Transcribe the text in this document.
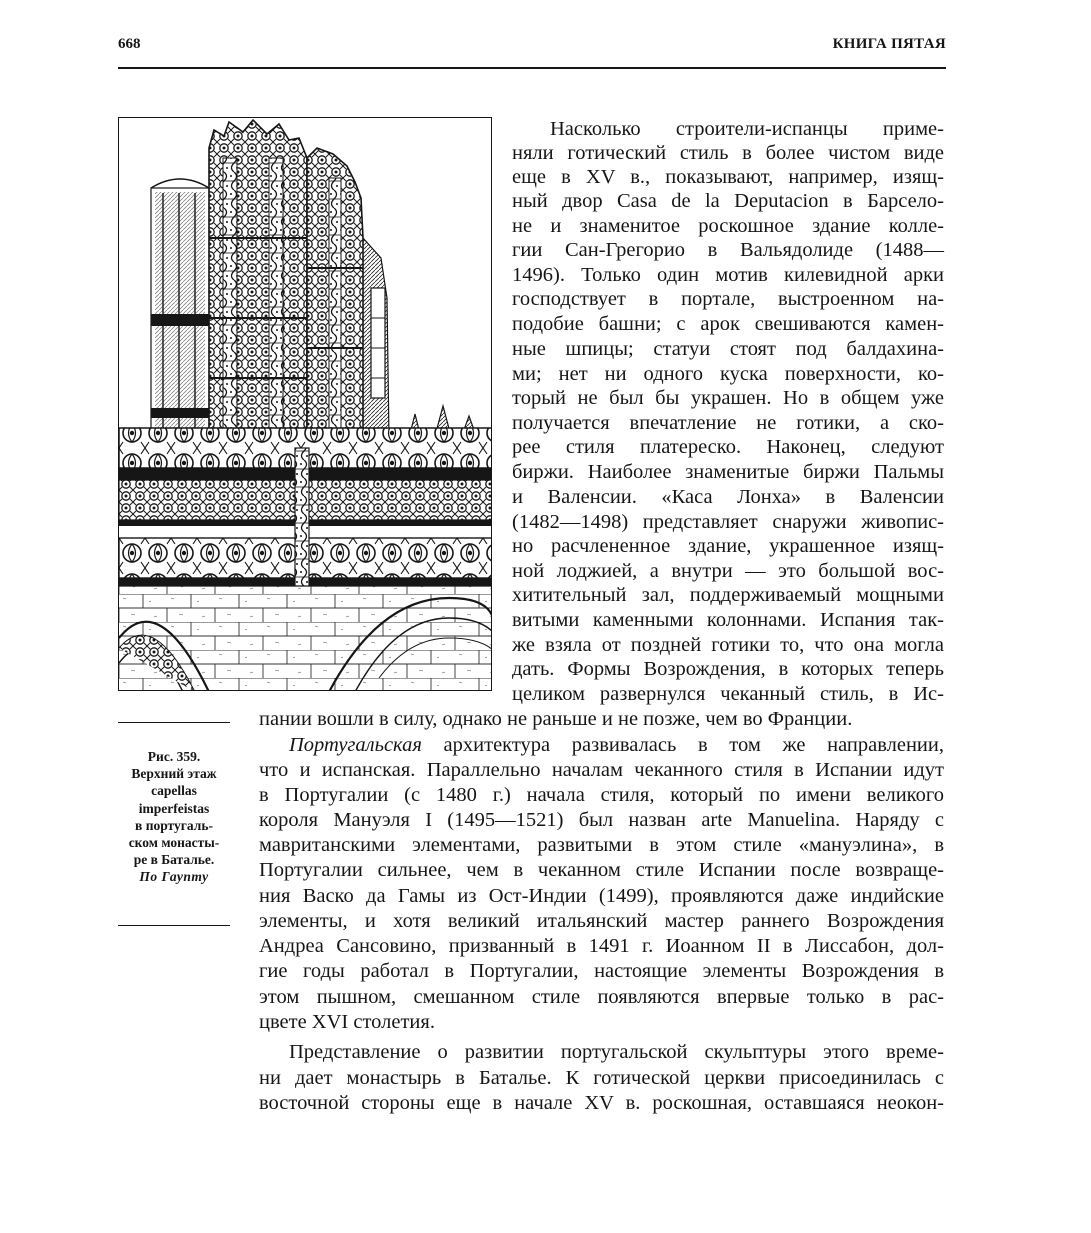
668	КНИГА ПЯТАЯ
Рис. 359.
Верхний этаж
capellas
imperfeistas
в португаль-
ском монасты-
ре в Баталье.
По Гаупту
Насколько строители-испанцы приме-
няли готический стиль в более чистом виде
еще в XV в., показывают, например, изящ-
ный двор Casa de la Deputacion в Барсело-
не и знаменитое роскошное здание колле-
гии Сан-Грегорио в Вальядолиде (1488—
1496). Только один мотив килевидной арки
господствует в портале, выстроенном на-
подобие башни; с арок свешиваются камен-
ные шпицы; статуи стоят под балдахина-
ми; нет ни одного куска поверхности, ко-
торый не был бы украшен. Но в общем уже
получается впечатление не готики, а ско-
рее стиля платереско. Наконец, следуют
биржи. Наиболее знаменитые биржи Пальмы
и Валенсии. «Каса Лонха» в Валенсии
(1482—1498) представляет снаружи живопис-
но расчлененное здание, украшенное изящ-
ной лоджией, а внутри — это большой вос-
хитительный зал, поддерживаемый мощными
витыми каменными колоннами. Испания так-
же взяла от поздней готики то, что она могла
дать. Формы Возрождения, в которых теперь
целиком развернулся чеканный стиль, в Ис-
пании вошли в силу, однако не раньше и не позже, чем во Франции.
Португальская архитектура развивалась в том же направлении,
что и испанская. Параллельно началам чеканного стиля в Испании идут
в Португалии (с 1480 г.) начала стиля, который по имени великого
короля Мануэля I (1495—1521) был назван arte Manuelina. Наряду с
мавританскими элементами, развитыми в этом стиле «мануэлина», в
Португалии сильнее, чем в чеканном стиле Испании после возвраще-
ния Васко да Гамы из Ост-Индии (1499), проявляются даже индийские
элементы, и хотя великий итальянский мастер раннего Возрождения
Андреа Сансовино, призванный в 1491 г. Иоанном II в Лиссабон, дол-
гие годы работал в Португалии, настоящие элементы Возрождения в
этом пышном, смешанном стиле появляются впервые только в рас-
цвете XVI столетия.
Представление о развитии португальской скульптуры этого време-
ни дает монастырь в Баталье. К готической церкви присоединилась с
восточной стороны еще в начале XV в. роскошная, оставшаяся неокон-
